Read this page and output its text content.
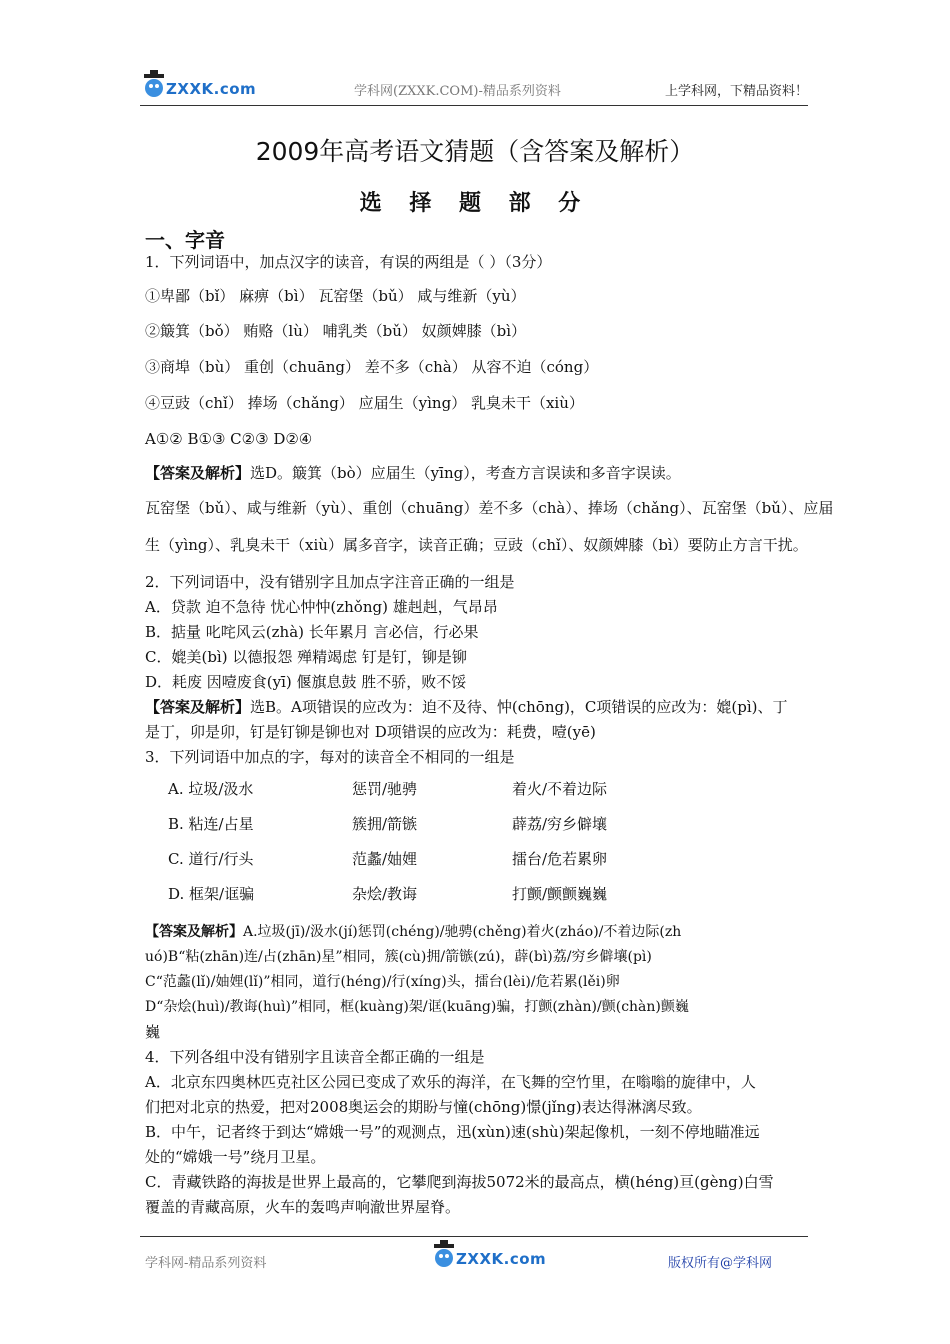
ZXXK.com	学科网(ZXXK.COM)-精品系列资料	上学科网，下精品资料！
2009年高考语文猜题（含答案及解析）
选 择 题 部 分
一、字音
1．下列词语中，加点汉字的读音，有误的两组是（ ）（3分）
①卑鄙（bǐ） 麻痹（bì） 瓦窑堡（bǔ） 咸与维新（yù）
②簸箕（bǒ） 贿赂（lù） 哺乳类（bǔ） 奴颜婢膝（bì）
③商埠（bù） 重创（chuāng） 差不多（chà） 从容不迫（cóng）
④豆豉（chǐ） 捧场（chǎng） 应届生（yìng） 乳臭未干（xiù）
A①② B①③ C②③ D②④
【答案及解析】选D。簸箕（bò）应届生（yīng），考查方言误读和多音字误读。
瓦窑堡（bǔ）、咸与维新（yù）、重创（chuāng）差不多（chà）、捧场（chǎng）、瓦窑堡（bǔ）、应届
生（yìng）、乳臭未干（xiù）属多音字，读音正确；豆豉（chǐ）、奴颜婢膝（bì）要防止方言干扰。
2．下列词语中，没有错别字且加点字注音正确的一组是
A．贷款 迫不急待 忧心忡忡(zhǒng) 雄赳赳，气昂昂
B．掂量 叱咤风云(zhà) 长年累月 言必信，行必果
C．媲美(bì) 以德报怨 殚精竭虑 钉是钉，铆是铆
D．耗废 因噎废食(yī) 偃旗息鼓 胜不骄，败不馁
【答案及解析】选B。A项错误的应改为：迫不及待、忡(chōng)，C项错误的应改为：媲(pì)、丁
是丁，卯是卯，钉是钉铆是铆也对 D项错误的应改为：耗费，噎(yē)
3．下列词语中加点的字，每对的读音全不相同的一组是
A. 垃圾/汲水	惩罚/驰骋	着火/不着边际
B. 粘连/占星	簇拥/箭镞	薜荔/穷乡僻壤
C. 道行/行头	范蠡/妯娌	擂台/危若累卵
D. 框架/诓骗	杂烩/教诲	打颤/颤颤巍巍
【答案及解析】A.垃圾(jī)/汲水(jí)惩罚(chéng)/驰骋(chěng)着火(zháo)/不着边际(zh
uó)B“粘(zhān)连/占(zhān)星”相同，簇(cù)拥/箭镞(zú)，薜(bì)荔/穷乡僻壤(pì)
C“范蠡(lǐ)/妯娌(lǐ)”相同，道行(héng)/行(xíng)头，擂台(lèi)/危若累(lěi)卵
D“杂烩(huì)/教诲(huì)”相同，框(kuàng)架/诓(kuāng)骗，打颤(zhàn)/颤(chàn)颤巍
巍
4．下列各组中没有错别字且读音全都正确的一组是
A．北京东四奥林匹克社区公园已变成了欢乐的海洋，在飞舞的空竹里，在嗡嗡的旋律中，人
们把对北京的热爱，把对2008奥运会的期盼与憧(chōng)憬(jǐng)表达得淋漓尽致。
B．中午，记者终于到达“嫦娥一号”的观测点，迅(xùn)速(shù)架起像机，一刻不停地瞄准远
处的“嫦娥一号”绕月卫星。
C．青藏铁路的海拔是世界上最高的，它攀爬到海拔5072米的最高点，横(héng)亘(gèng)白雪
覆盖的青藏高原，火车的轰鸣声响澈世界屋脊。
学科网-精品系列资料	ZXXK.com	版权所有@学科网
